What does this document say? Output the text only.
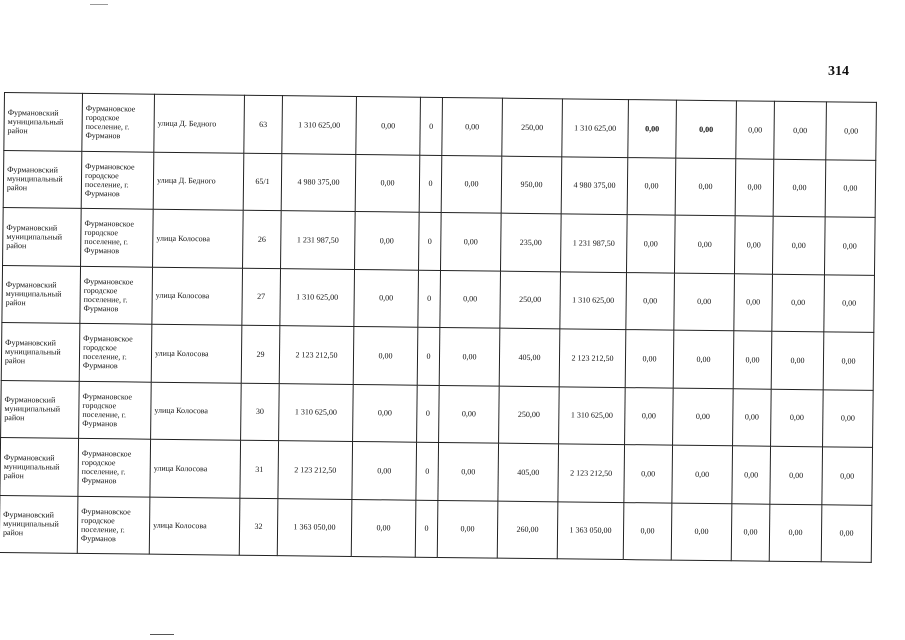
314
Фурмановский муниципальный район	Фурмановское городское поселение, г. Фурманов	улица Д. Бедного	63	1 310 625,00	0,00	0	0,00	250,00	1 310 625,00	0,00	0,00	0,00	0,00	0,00
Фурмановский муниципальный район	Фурмановское городское поселение, г. Фурманов	улица Д. Бедного	65/1	4 980 375,00	0,00	0	0,00	950,00	4 980 375,00	0,00	0,00	0,00	0,00	0,00
Фурмановский муниципальный район	Фурмановское городское поселение, г. Фурманов	улица Колосова	26	1 231 987,50	0,00	0	0,00	235,00	1 231 987,50	0,00	0,00	0,00	0,00	0,00
Фурмановский муниципальный район	Фурмановское городское поселение, г. Фурманов	улица Колосова	27	1 310 625,00	0,00	0	0,00	250,00	1 310 625,00	0,00	0,00	0,00	0,00	0,00
Фурмановский муниципальный район	Фурмановское городское поселение, г. Фурманов	улица Колосова	29	2 123 212,50	0,00	0	0,00	405,00	2 123 212,50	0,00	0,00	0,00	0,00	0,00
Фурмановский муниципальный район	Фурмановское городское поселение, г. Фурманов	улица Колосова	30	1 310 625,00	0,00	0	0,00	250,00	1 310 625,00	0,00	0,00	0,00	0,00	0,00
Фурмановский муниципальный район	Фурмановское городское поселение, г. Фурманов	улица Колосова	31	2 123 212,50	0,00	0	0,00	405,00	2 123 212,50	0,00	0,00	0,00	0,00	0,00
Фурмановский муниципальный район	Фурмановское городское поселение, г. Фурманов	улица Колосова	32	1 363 050,00	0,00	0	0,00	260,00	1 363 050,00	0,00	0,00	0,00	0,00	0,00
